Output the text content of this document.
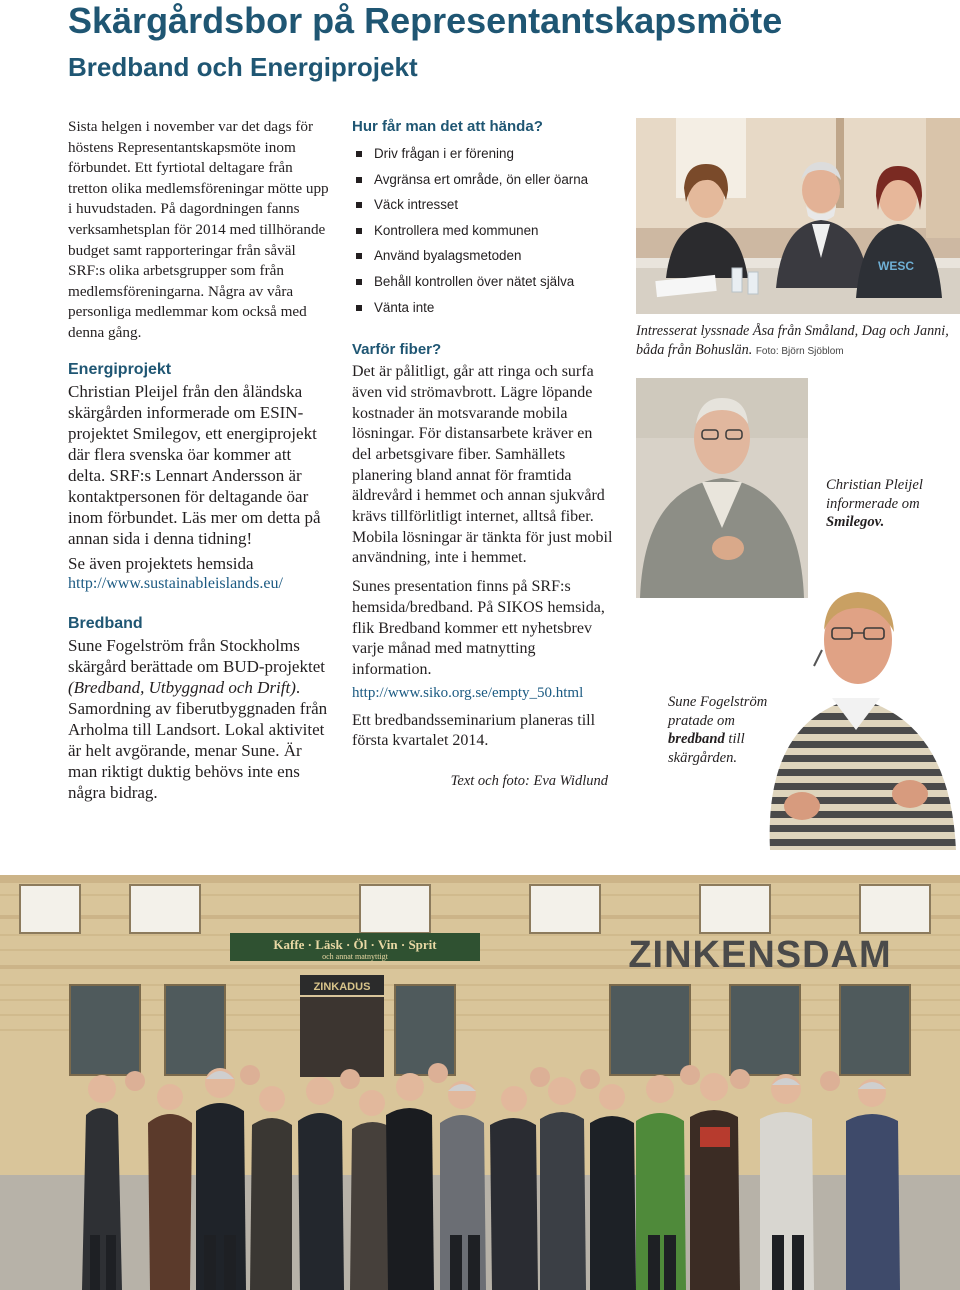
Skärgårdsbor på Representantskapsmöte
Bredband och Energiprojekt

Sista helgen i november var det dags för höstens Representantskapsmöte inom förbundet. Ett fyrtiotal deltagare från tretton olika medlemsföreningar mötte upp i huvudstaden. På dagordningen fanns verksamhetsplan för 2014 med tillhörande budget samt rapporteringar från såväl SRF:s olika arbetsgrupper som från medlemsföreningarna. Några av våra personliga medlemmar kom också med denna gång.

Energiprojekt

Christian Pleijel från den åländska skärgården informerade om ESIN-projektet Smilegov, ett energiprojekt där flera svenska öar kommer att delta. SRF:s Lennart Andersson är kontaktpersonen för deltagande öar inom förbundet. Läs mer om detta på annan sida i denna tidning!

Se även projektets hemsida

http://www.sustainableislands.eu/

Bredband

Sune Fogelström från Stockholms skärgård berättade om BUD-projektet (Bredband, Utbyggnad och Drift). Samordning av fiberutbyggnaden från Arholma till Landsort. Lokal aktivitet är helt avgörande, menar Sune. Är man riktigt duktig behövs inte ens några bidrag.

Hur får man det att hända?
Driv frågan i er förening
Avgränsa ert område, ön eller öarna
Väck intresset
Kontrollera med kommunen
Använd byalagsmetoden
Behåll kontrollen över nätet själva
Vänta inte
Varför fiber?

Det är pålitligt, går att ringa och surfa även vid strömavbrott. Lägre löpande kostnader än motsvarande mobila lösningar. För distansarbete kräver en del arbetsgivare fiber. Samhällets planering bland annat för framtida äldrevård i hemmet och annan sjukvård krävs tillförlitligt internet, alltså fiber. Mobila lösningar är tänkta för just mobil användning, inte i hemmet.

Sunes presentation finns på SRF:s hemsida/bredband. På SIKOS hemsida, flik Bredband kommer ett nyhetsbrev varje månad med matnytting information.

http://www.siko.org.se/empty_50.html

Ett bredbandsseminarium planeras till första kvartalet 2014.

Text och foto: Eva Widlund

WESC

Intresserat lyssnade Åsa från Småland, Dag och Janni, båda från Bohuslän. Foto: Björn Sjöblom

Christian Pleijel informerade om Smilegov.

Sune Fogelström pratade om bredband till skärgården.

Kaffe · Läsk · Öl · Vin · Sprit
och annat matnyttigt	ZINKENSDAM
ZINKADUS
